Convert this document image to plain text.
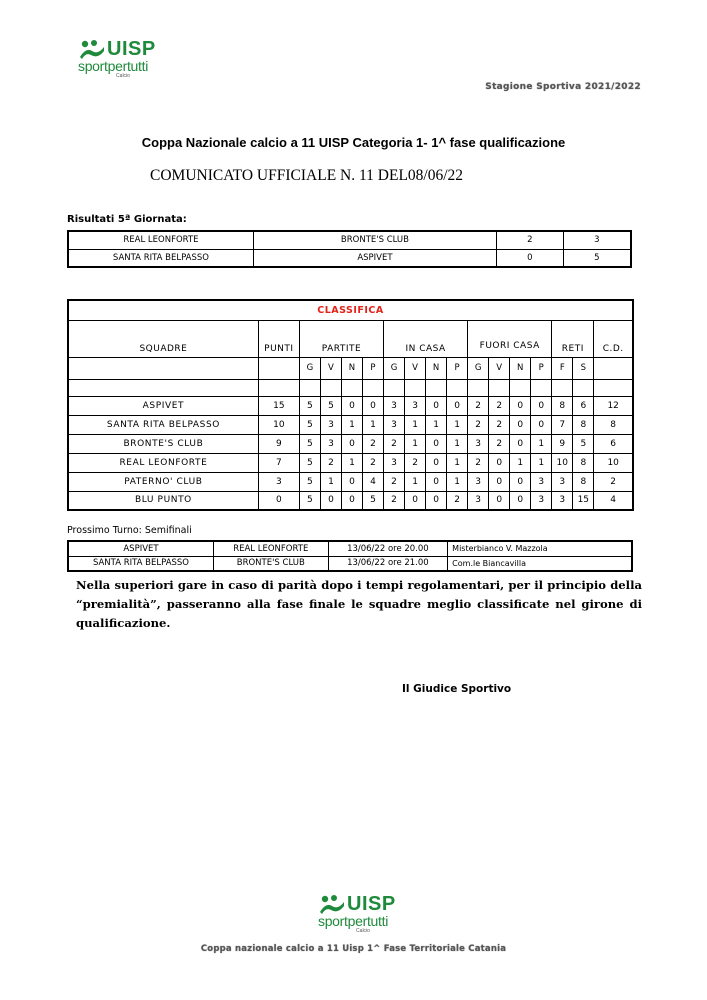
UISP
sportpertutti
Calcio
Stagione Sportiva 2021/2022
Coppa Nazionale calcio a 11 UISP Categoria 1- 1^ fase qualificazione
COMUNICATO UFFICIALE N. 11 DEL08/06/22
Risultati 5ª Giornata:
REAL LEONFORTE	BRONTE'S CLUB	2	3
SANTA RITA BELPASSO	ASPIVET	0	5
CLASSIFICA																
SQUADRE	PUNTI	PARTITE				IN CASA				FUORI CASA				RETI		C.D.
		G	V	N	P	G	V	N	P	G	V	N	P	F	S	

ASPIVET	15	5	5	0	0	3	3	0	0	2	2	0	0	8	6	12
SANTA RITA BELPASSO	10	5	3	1	1	3	1	1	1	2	2	0	0	7	8	8
BRONTE'S CLUB	9	5	3	0	2	2	1	0	1	3	2	0	1	9	5	6
REAL LEONFORTE	7	5	2	1	2	3	2	0	1	2	0	1	1	10	8	10
PATERNO' CLUB	3	5	1	0	4	2	1	0	1	3	0	0	3	3	8	2
BLU PUNTO	0	5	0	0	5	2	0	0	2	3	0	0	3	3	15	4
Prossimo Turno: Semifinali
ASPIVET	REAL LEONFORTE	13/06/22 ore 20.00	Misterbianco V. Mazzola
SANTA RITA BELPASSO	BRONTE'S CLUB	13/06/22 ore 21.00	Com.le Biancavilla
Nella superiori gare in caso di parità dopo i tempi regolamentari, per il principio della “premialità”, passeranno alla fase finale le squadre meglio classificate nel girone di qualificazione.
Il Giudice Sportivo
UISP
sportpertutti
Calcio
Coppa nazionale calcio a 11 Uisp 1^ Fase Territoriale Catania
